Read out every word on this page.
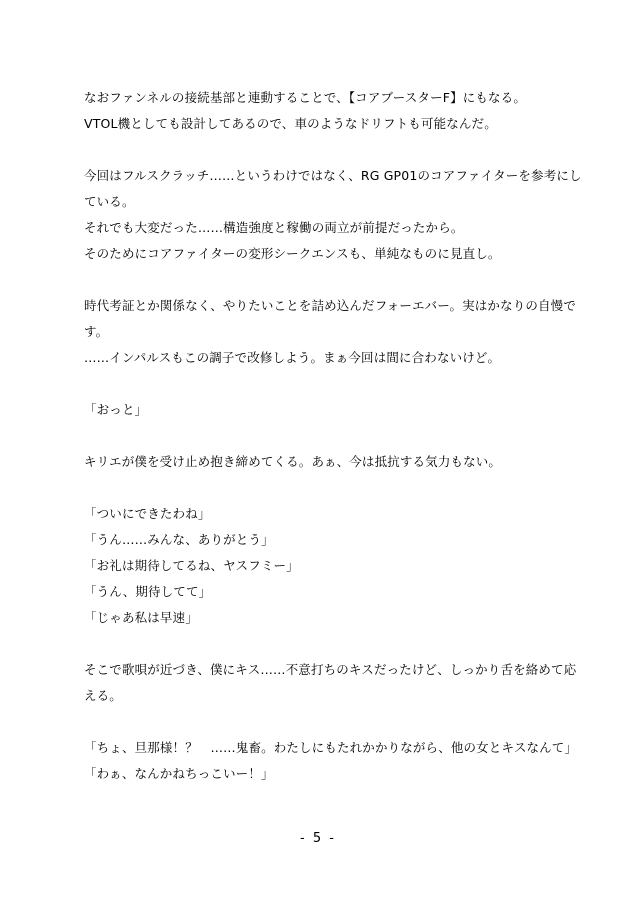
なおファンネルの接続基部と連動することで、【コアブースターF】にもなる。
VTOL機としても設計してあるので、車のようなドリフトも可能なんだ。
今回はフルスクラッチ……というわけではなく、RG GP01のコアファイターを参考にし
ている。
それでも大変だった……構造強度と稼働の両立が前提だったから。
そのためにコアファイターの変形シークエンスも、単純なものに見直し。
時代考証とか関係なく、やりたいことを詰め込んだフォーエバー。実はかなりの自慢で
す。
……インパルスもこの調子で改修しよう。まぁ今回は間に合わないけど。
「おっと」
キリエが僕を受け止め抱き締めてくる。あぁ、今は抵抗する気力もない。
「ついにできたわね」
「うん……みんな、ありがとう」
「お礼は期待してるね、ヤスフミー」
「うん、期待してて」
「じゃあ私は早速」
そこで歌唄が近づき、僕にキス……不意打ちのキスだったけど、しっかり舌を絡めて応
える。
「ちょ、旦那様！？　……鬼畜。わたしにもたれかかりながら、他の女とキスなんて」
「わぁ、なんかねちっこいー！」
- 5 -
